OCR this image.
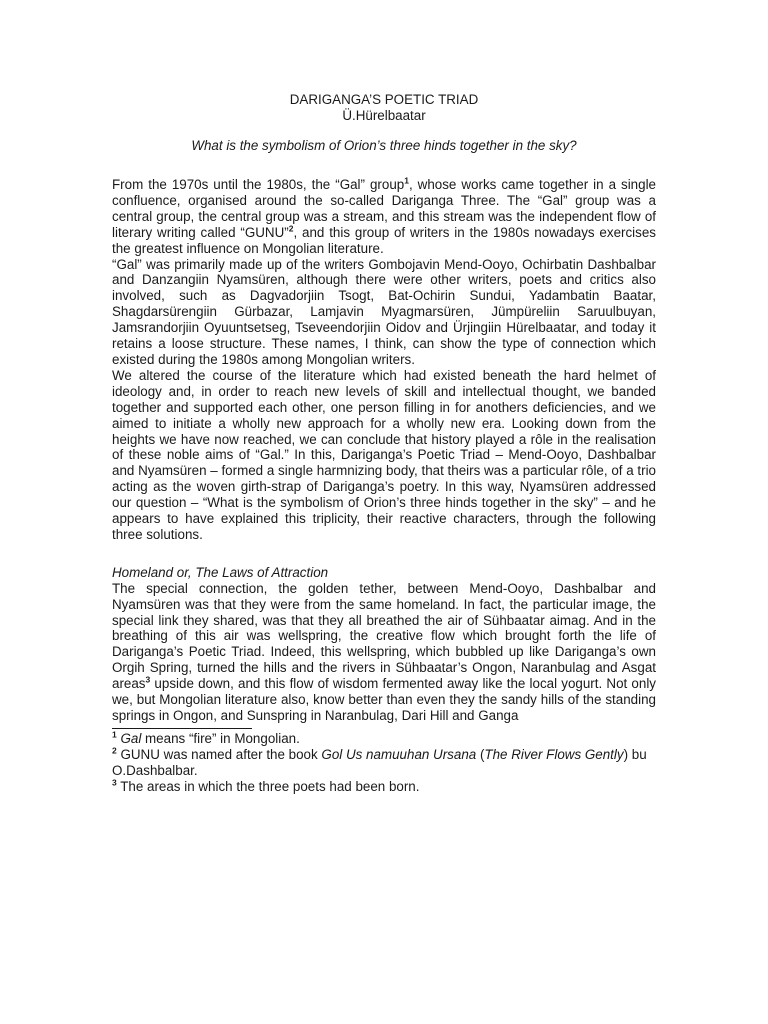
DARIGANGA’S POETIC TRIAD
Ü.Hürelbaatar
What is the symbolism of Orion’s three hinds together in the sky?

From the 1970s until the 1980s, the “Gal” group$^1$, whose works came together in a single confluence, organised around the so-called Dariganga Three. The “Gal” group was a central group, the central group was a stream, and this stream was the independent flow of literary writing called “GUNU”$^2$, and this group of writers in the 1980s nowadays exercises the greatest influence on Mongolian literature.

“Gal” was primarily made up of the writers Gombojavin Mend-Ooyo, Ochirbatin Dashbalbar and Danzangiin Nyamsüren, although there were other writers, poets and critics also involved, such as Dagvadorjiin Tsogt, Bat-Ochirin Sundui, Yadambatin Baatar, Shagdarsürengiin Gürbazar, Lamjavin Myagmarsüren, Jümpüreliin Saruulbuyan, Jamsrandorjiin Oyuuntsetseg, Tseveendorjiin Oidov and Ürjingiin Hürelbaatar, and today it retains a loose structure. These names, I think, can show the type of connection which existed during the 1980s among Mongolian writers.

We altered the course of the literature which had existed beneath the hard helmet of ideology and, in order to reach new levels of skill and intellectual thought, we banded together and supported each other, one person filling in for anothers deficiencies, and we aimed to initiate a wholly new approach for a wholly new era. Looking down from the heights we have now reached, we can conclude that history played a rôle in the realisation of these noble aims of “Gal.” In this, Dariganga’s Poetic Triad – Mend-Ooyo, Dashbalbar and Nyamsüren – formed a single harmnizing body, that theirs was a particular rôle, of a trio acting as the woven girth-strap of Dariganga’s poetry. In this way, Nyamsüren addressed our question – “What is the symbolism of Orion’s three hinds together in the sky” – and he appears to have explained this triplicity, their reactive characters, through the following three solutions.

Homeland or, The Laws of Attraction

The special connection, the golden tether, between Mend-Ooyo, Dashbalbar and Nyamsüren was that they were from the same homeland. In fact, the particular image, the special link they shared, was that they all breathed the air of Sühbaatar aimag. And in the breathing of this air was wellspring, the creative flow which brought forth the life of Dariganga’s Poetic Triad. Indeed, this wellspring, which bubbled up like Dariganga’s own Orgih Spring, turned the hills and the rivers in Sühbaatar’s Ongon, Naranbulag and Asgat areas$^3$ upside down, and this flow of wisdom fermented away like the local yogurt. Not only we, but Mongolian literature also, know better than even they the sandy hills of the standing springs in Ongon, and Sunspring in Naranbulag, Dari Hill and Ganga

$^1$ Gal means “fire” in Mongolian.

$^2$ GUNU was named after the book Gol Us namuuhan Ursana (The River Flows Gently) bu O.Dashbalbar.

$^3$ The areas in which the three poets had been born.
